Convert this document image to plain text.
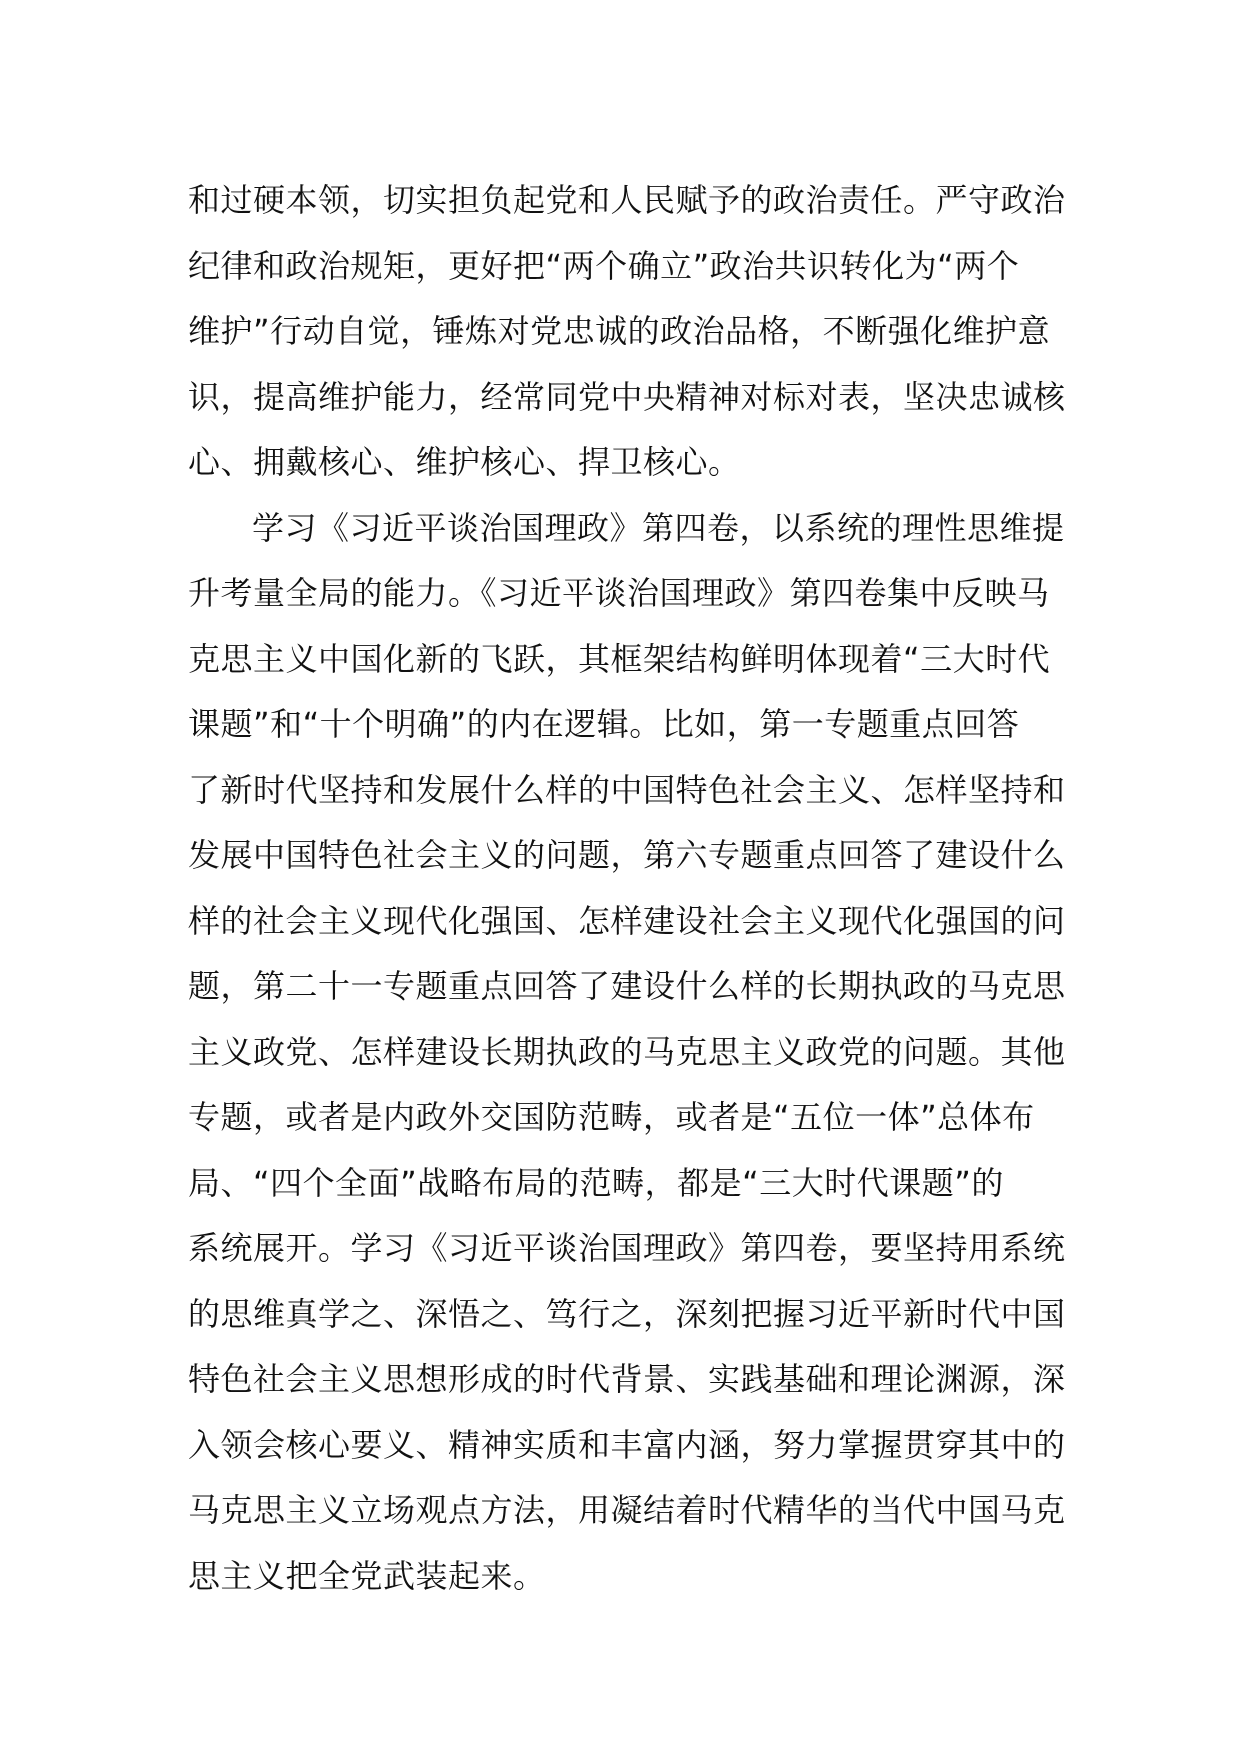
和过硬本领，切实担负起党和人民赋予的政治责任。严守政治
纪律和政治规矩，更好把“两个确立”政治共识转化为“两个
维护”行动自觉，锤炼对党忠诚的政治品格，不断强化维护意
识，提高维护能力，经常同党中央精神对标对表，坚决忠诚核
心、拥戴核心、维护核心、捍卫核心。
学习《习近平谈治国理政》第四卷，以系统的理性思维提
升考量全局的能力。《习近平谈治国理政》第四卷集中反映马
克思主义中国化新的飞跃，其框架结构鲜明体现着“三大时代
课题”和“十个明确”的内在逻辑。比如，第一专题重点回答
了新时代坚持和发展什么样的中国特色社会主义、怎样坚持和
发展中国特色社会主义的问题，第六专题重点回答了建设什么
样的社会主义现代化强国、怎样建设社会主义现代化强国的问
题，第二十一专题重点回答了建设什么样的长期执政的马克思
主义政党、怎样建设长期执政的马克思主义政党的问题。其他
专题，或者是内政外交国防范畴，或者是“五位一体”总体布
局、“四个全面”战略布局的范畴，都是“三大时代课题”的
系统展开。学习《习近平谈治国理政》第四卷，要坚持用系统
的思维真学之、深悟之、笃行之，深刻把握习近平新时代中国
特色社会主义思想形成的时代背景、实践基础和理论渊源，深
入领会核心要义、精神实质和丰富内涵，努力掌握贯穿其中的
马克思主义立场观点方法，用凝结着时代精华的当代中国马克
思主义把全党武装起来。
